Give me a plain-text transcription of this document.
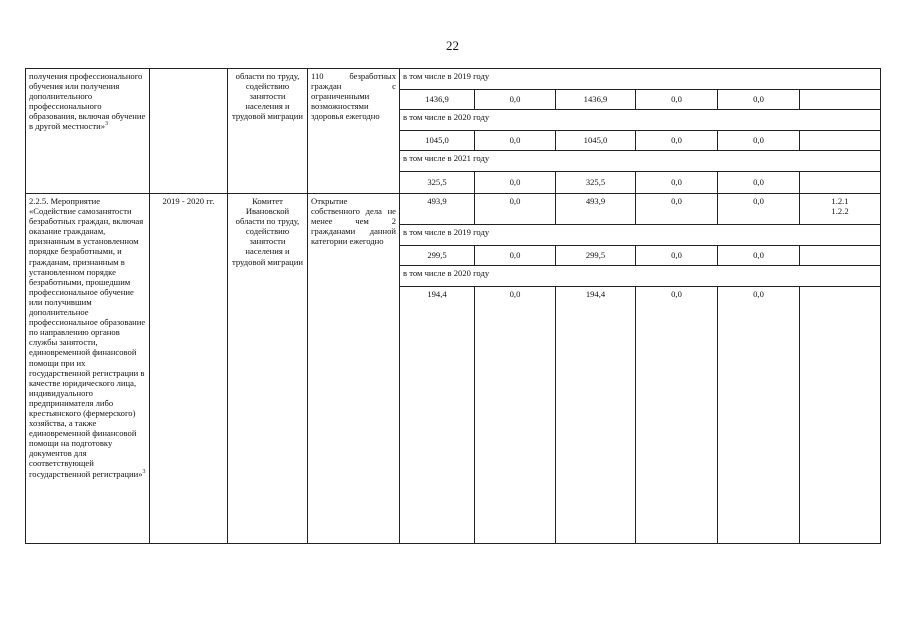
22
получения профессионального обучения или получения дополнительного профессионального образования, включая обучение в другой местности»$^3$		области по труду, содействию занятости населения и трудовой миграции	110 безработных граждан с ограниченными возможностями здоровья ежегодно	в том числе в 2019 году					
				1436,9	0,0	1436,9	0,0	0,0	
				в том числе в 2020 году					
				1045,0	0,0	1045,0	0,0	0,0	
				в том числе в 2021 году					
				325,5	0,0	325,5	0,0	0,0	
2.2.5. Мероприятие «Содействие самозанятости безработных граждан, включая оказание гражданам, признанным в установленном порядке безработными, и гражданам, признанным в установленном порядке безработными, прошедшим профессиональное обучение или получившим дополнительное профессиональное образование по направлению органов службы занятости, единовременной финансовой помощи при их государственной регистрации в качестве юридического лица, индивидуального предпринимателя либо крестьянского (фермерского) хозяйства, а также единовременной финансовой помощи на подготовку документов для соответствующей государственной регистрации»$^3$	2019 - 2020 гг.	Комитет Ивановской области по труду, содействию занятости населения и трудовой миграции	Открытие собственного дела не менее чем 2 гражданами данной категории ежегодно	493,9	0,0	493,9	0,0	0,0	1.2.1
1.2.2
				в том числе в 2019 году					
				299,5	0,0	299,5	0,0	0,0	
				в том числе в 2020 году					
				194,4	0,0	194,4	0,0	0,0	
